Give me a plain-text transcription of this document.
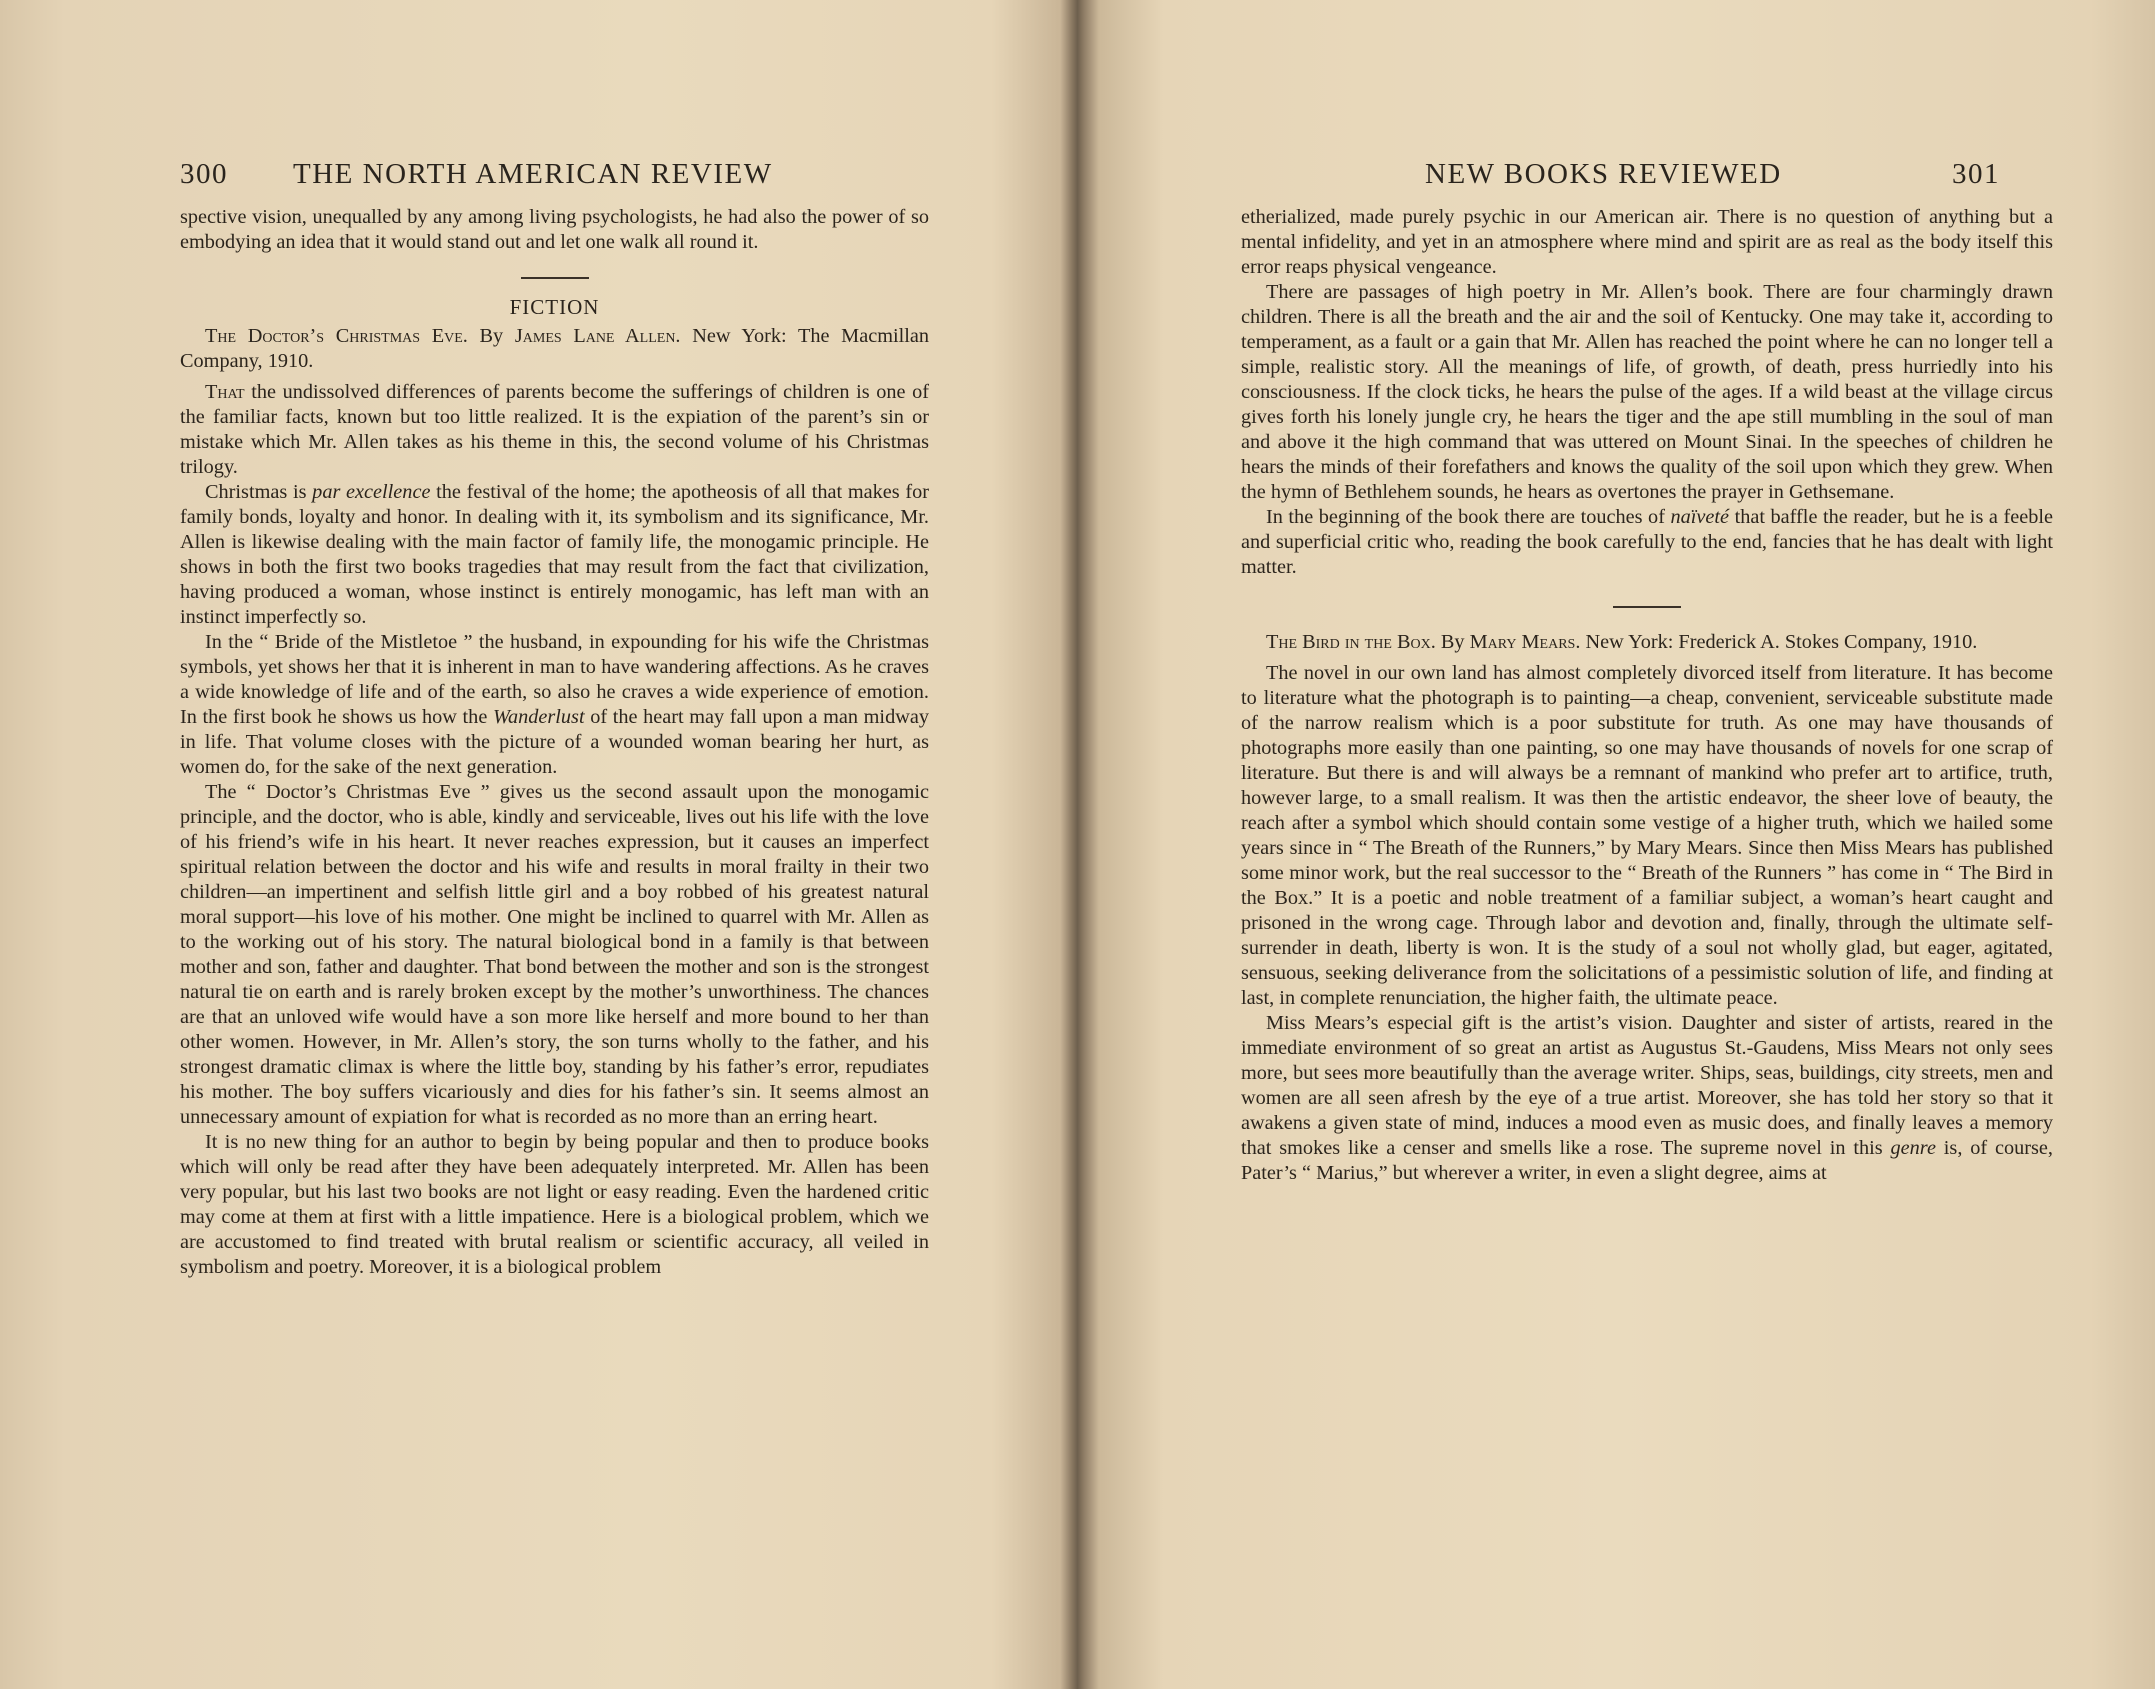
300 THE NORTH AMERICAN REVIEW

spective vision, unequalled by any among living psychologists, he had also the power of so embodying an idea that it would stand out and let one walk all round it.

FICTION

The Doctor’s Christmas Eve. By James Lane Allen. New York: The Macmillan Company, 1910.

That the undissolved differences of parents become the sufferings of children is one of the familiar facts, known but too little realized. It is the expiation of the parent’s sin or mistake which Mr. Allen takes as his theme in this, the second volume of his Christmas trilogy.

Christmas is par excellence the festival of the home; the apotheosis of all that makes for family bonds, loyalty and honor. In dealing with it, its symbolism and its significance, Mr. Allen is likewise dealing with the main factor of family life, the monogamic principle. He shows in both the first two books tragedies that may result from the fact that civilization, having produced a woman, whose instinct is entirely monogamic, has left man with an instinct imperfectly so.

In the “ Bride of the Mistletoe ” the husband, in expounding for his wife the Christmas symbols, yet shows her that it is inherent in man to have wandering affections. As he craves a wide knowledge of life and of the earth, so also he craves a wide experience of emotion. In the first book he shows us how the Wanderlust of the heart may fall upon a man midway in life. That volume closes with the picture of a wounded woman bearing her hurt, as women do, for the sake of the next generation.

The “ Doctor’s Christmas Eve ” gives us the second assault upon the monogamic principle, and the doctor, who is able, kindly and serviceable, lives out his life with the love of his friend’s wife in his heart. It never reaches expression, but it causes an imperfect spiritual relation between the doctor and his wife and results in moral frailty in their two children—an impertinent and selfish little girl and a boy robbed of his greatest natural moral support—his love of his mother. One might be inclined to quarrel with Mr. Allen as to the working out of his story. The natural biological bond in a family is that between mother and son, father and daughter. That bond between the mother and son is the strongest natural tie on earth and is rarely broken except by the mother’s unworthiness. The chances are that an unloved wife would have a son more like herself and more bound to her than other women. However, in Mr. Allen’s story, the son turns wholly to the father, and his strongest dramatic climax is where the little boy, standing by his father’s error, repudiates his mother. The boy suffers vicariously and dies for his father’s sin. It seems almost an unnecessary amount of expiation for what is recorded as no more than an erring heart.

It is no new thing for an author to begin by being popular and then to produce books which will only be read after they have been adequately interpreted. Mr. Allen has been very popular, but his last two books are not light or easy reading. Even the hardened critic may come at them at first with a little impatience. Here is a biological problem, which we are accustomed to find treated with brutal realism or scientific accuracy, all veiled in symbolism and poetry. Moreover, it is a biological problem

NEW BOOKS REVIEWED	301

etherialized, made purely psychic in our American air. There is no question of anything but a mental infidelity, and yet in an atmosphere where mind and spirit are as real as the body itself this error reaps physical vengeance.

There are passages of high poetry in Mr. Allen’s book. There are four charmingly drawn children. There is all the breath and the air and the soil of Kentucky. One may take it, according to temperament, as a fault or a gain that Mr. Allen has reached the point where he can no longer tell a simple, realistic story. All the meanings of life, of growth, of death, press hurriedly into his consciousness. If the clock ticks, he hears the pulse of the ages. If a wild beast at the village circus gives forth his lonely jungle cry, he hears the tiger and the ape still mumbling in the soul of man and above it the high command that was uttered on Mount Sinai. In the speeches of children he hears the minds of their forefathers and knows the quality of the soil upon which they grew. When the hymn of Bethlehem sounds, he hears as overtones the prayer in Gethsemane.

In the beginning of the book there are touches of naïveté that baffle the reader, but he is a feeble and superficial critic who, reading the book carefully to the end, fancies that he has dealt with light matter.

The Bird in the Box. By Mary Mears. New York: Frederick A. Stokes Company, 1910.

The novel in our own land has almost completely divorced itself from literature. It has become to literature what the photograph is to painting—a cheap, convenient, serviceable substitute made of the narrow realism which is a poor substitute for truth. As one may have thousands of photographs more easily than one painting, so one may have thousands of novels for one scrap of literature. But there is and will always be a remnant of mankind who prefer art to artifice, truth, however large, to a small realism. It was then the artistic endeavor, the sheer love of beauty, the reach after a symbol which should contain some vestige of a higher truth, which we hailed some years since in “ The Breath of the Runners,” by Mary Mears. Since then Miss Mears has published some minor work, but the real successor to the “ Breath of the Runners ” has come in “ The Bird in the Box.” It is a poetic and noble treatment of a familiar subject, a woman’s heart caught and prisoned in the wrong cage. Through labor and devotion and, finally, through the ultimate self-surrender in death, liberty is won. It is the study of a soul not wholly glad, but eager, agitated, sensuous, seeking deliverance from the solicitations of a pessimistic solution of life, and finding at last, in complete renunciation, the higher faith, the ultimate peace.

Miss Mears’s especial gift is the artist’s vision. Daughter and sister of artists, reared in the immediate environment of so great an artist as Augustus St.-Gaudens, Miss Mears not only sees more, but sees more beautifully than the average writer. Ships, seas, buildings, city streets, men and women are all seen afresh by the eye of a true artist. Moreover, she has told her story so that it awakens a given state of mind, induces a mood even as music does, and finally leaves a memory that smokes like a censer and smells like a rose. The supreme novel in this genre is, of course, Pater’s “ Marius,” but wherever a writer, in even a slight degree, aims at
